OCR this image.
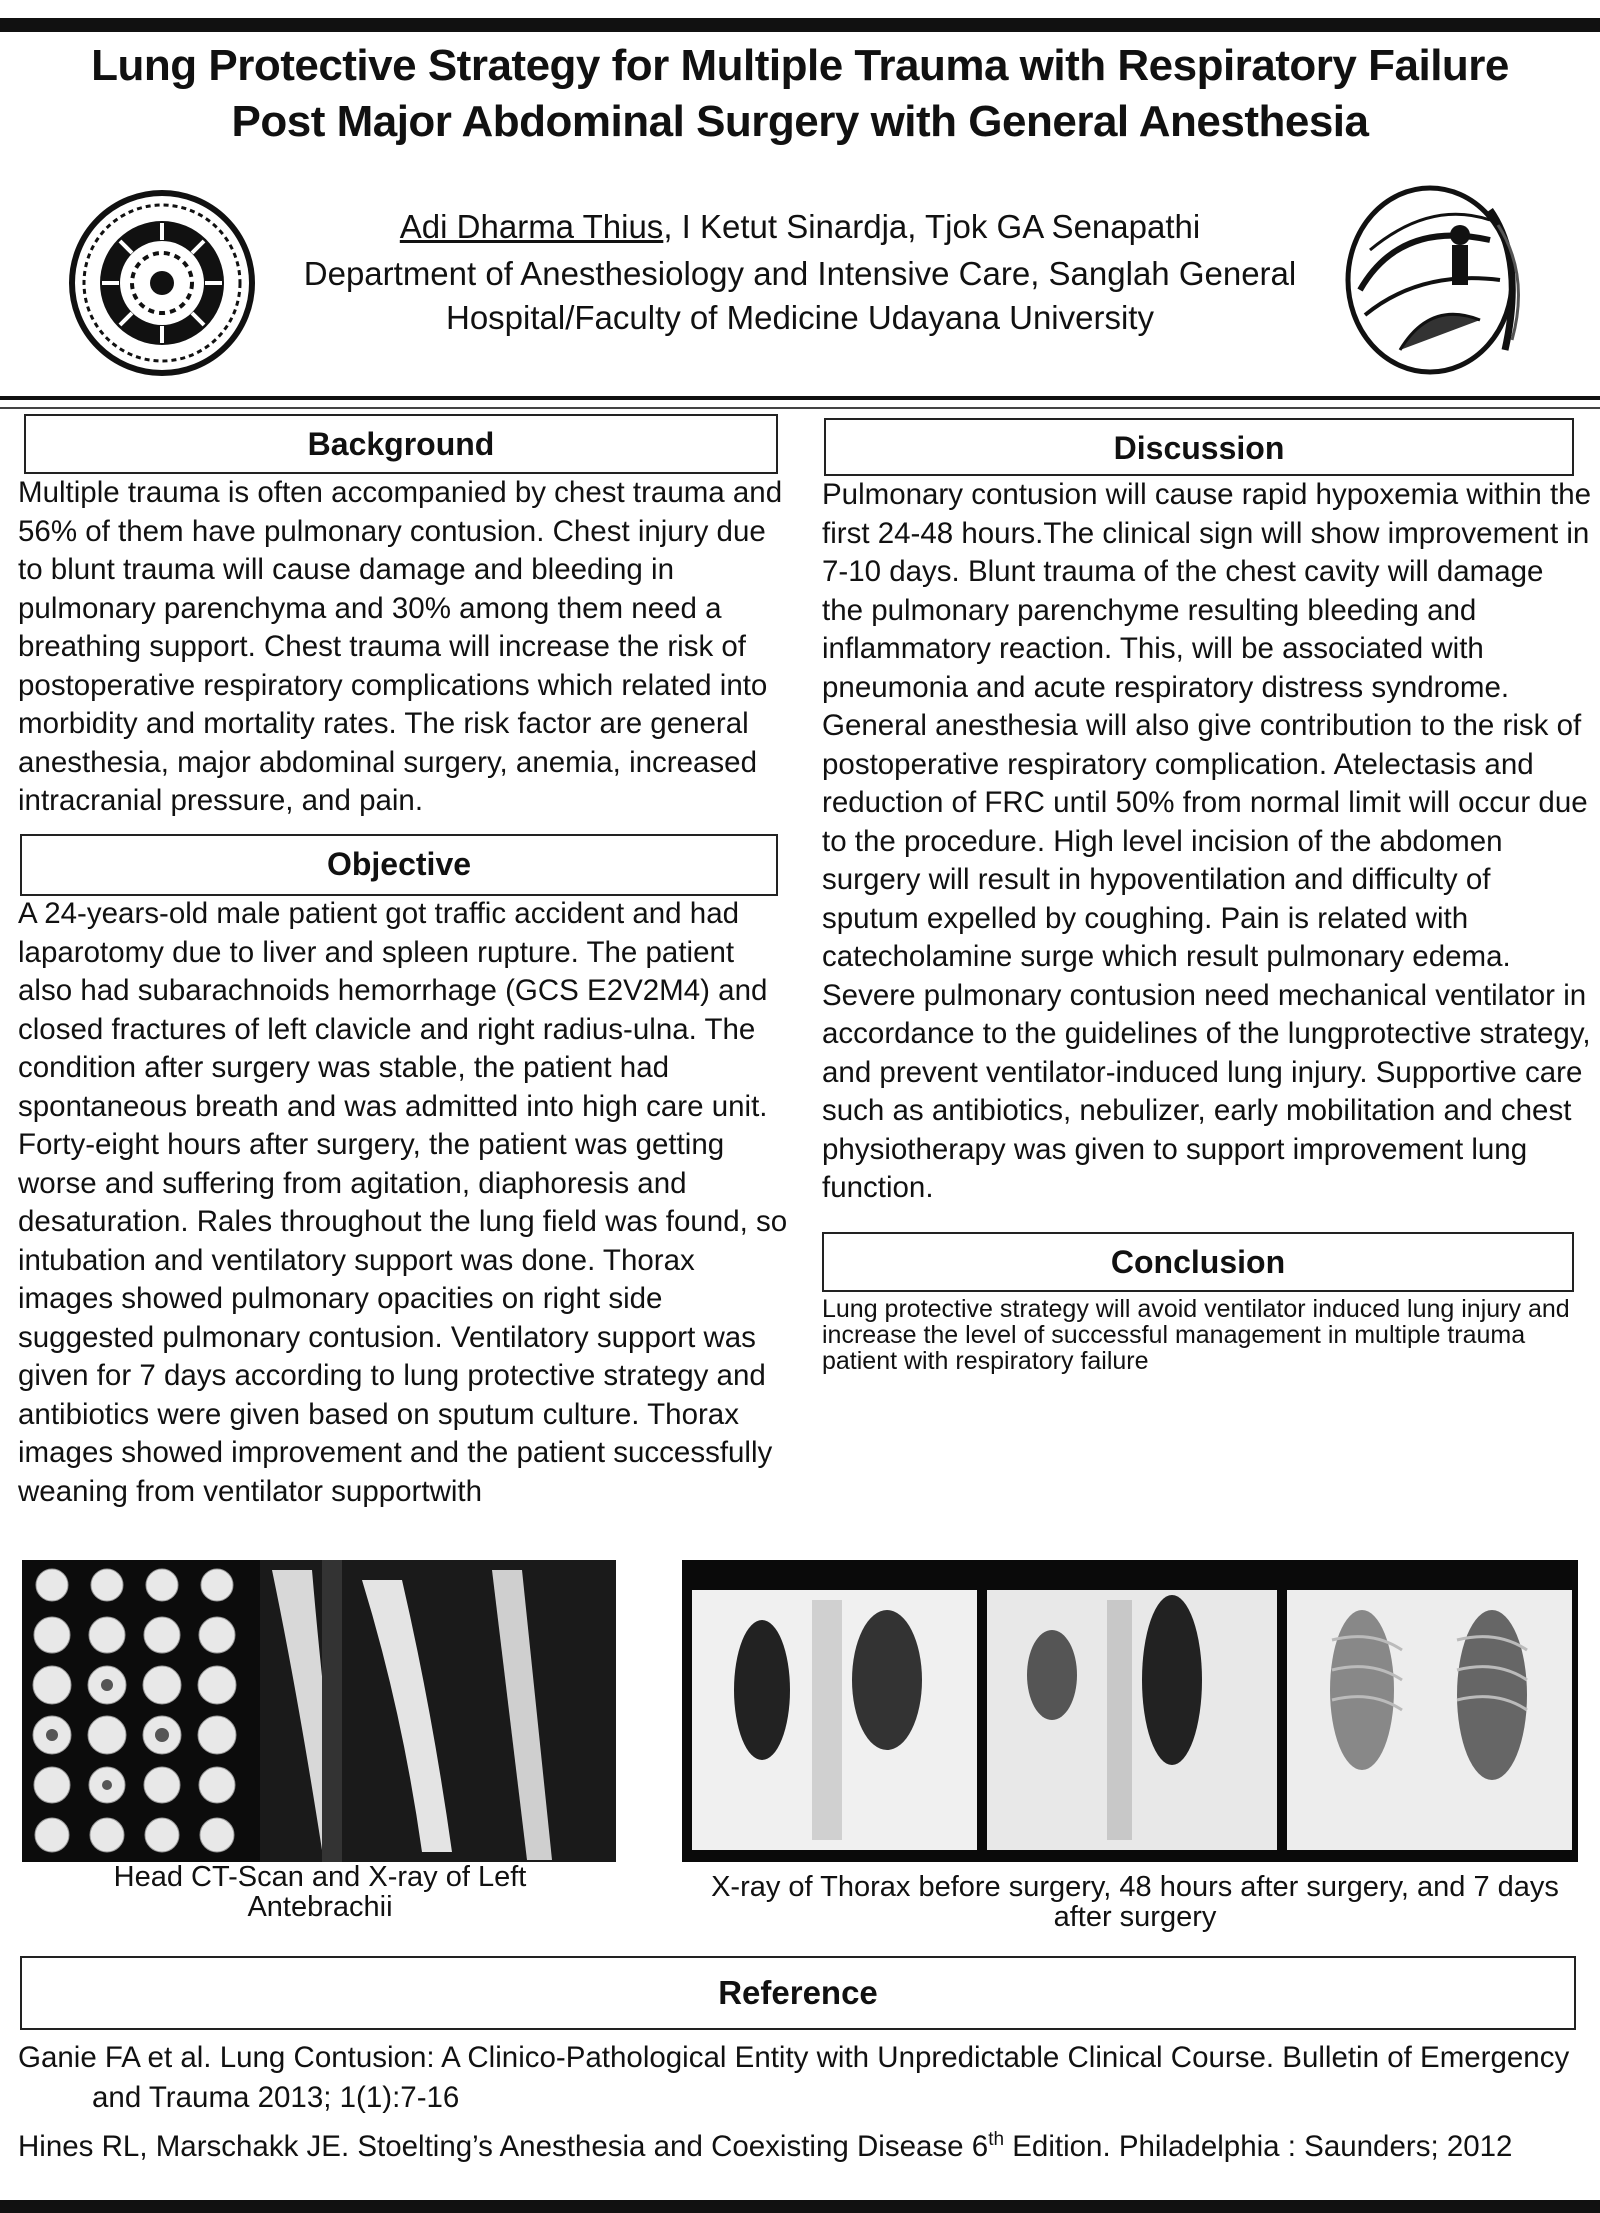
Lung Protective Strategy for Multiple Trauma with Respiratory Failure Post Major Abdominal Surgery with General Anesthesia
Adi Dharma Thius, I Ketut Sinardja, Tjok GA Senapathi
Department of Anesthesiology and Intensive Care, Sanglah General Hospital/Faculty of Medicine Udayana University
Background
Multiple trauma is often accompanied by chest trauma and 56% of them have pulmonary contusion. Chest injury due to blunt trauma will cause damage and bleeding in pulmonary parenchyma and 30% among them need a breathing support. Chest trauma will increase the risk of postoperative respiratory complications which related into morbidity and mortality rates. The risk factor are general anesthesia, major abdominal surgery, anemia, increased intracranial pressure, and pain.
Objective
A 24-years-old male patient got traffic accident and had laparotomy due to liver and spleen rupture. The patient also had subarachnoids hemorrhage (GCS E2V2M4) and closed fractures of left clavicle and right radius-ulna. The condition after surgery was stable, the patient had spontaneous breath and was admitted into high care unit. Forty-eight hours after surgery, the patient was getting worse and suffering from agitation, diaphoresis and desaturation. Rales throughout the lung field was found, so intubation and ventilatory support was done. Thorax images showed pulmonary opacities on right side suggested pulmonary contusion. Ventilatory support was given for 7 days according to lung protective strategy and antibiotics were given based on sputum culture. Thorax images showed improvement and the patient successfully weaning from ventilator supportwith
Discussion
Pulmonary contusion will cause rapid hypoxemia within the first 24-48 hours.The clinical sign will show improvement in 7-10 days. Blunt trauma of the chest cavity will damage the pulmonary parenchyme resulting bleeding and inflammatory reaction. This, will be associated with pneumonia and acute respiratory distress syndrome. General anesthesia will also give contribution to the risk of postoperative respiratory complication. Atelectasis and reduction of FRC until 50% from normal limit will occur due to the procedure. High level incision of the abdomen surgery will result in hypoventilation and difficulty of sputum expelled by coughing. Pain is related with catecholamine surge which result pulmonary edema. Severe pulmonary contusion need mechanical ventilator in accordance to the guidelines of the lungprotective strategy, and prevent ventilator-induced lung injury. Supportive care such as antibiotics, nebulizer, early mobilitation and chest physiotherapy was given to support improvement lung function.
Conclusion
Lung protective strategy will avoid ventilator induced lung injury and increase the level of successful management in multiple trauma patient with respiratory failure
Head CT-Scan and X-ray of Left Antebrachii
X-ray of Thorax before surgery, 48 hours after surgery, and 7 days after surgery
Reference

Ganie FA et al. Lung Contusion: A Clinico-Pathological Entity with Unpredictable Clinical Course. Bulletin of Emergency and Trauma 2013; 1(1):7-16

Hines RL, Marschakk JE. Stoelting’s Anesthesia and Coexisting Disease 6th Edition. Philadelphia : Saunders; 2012
